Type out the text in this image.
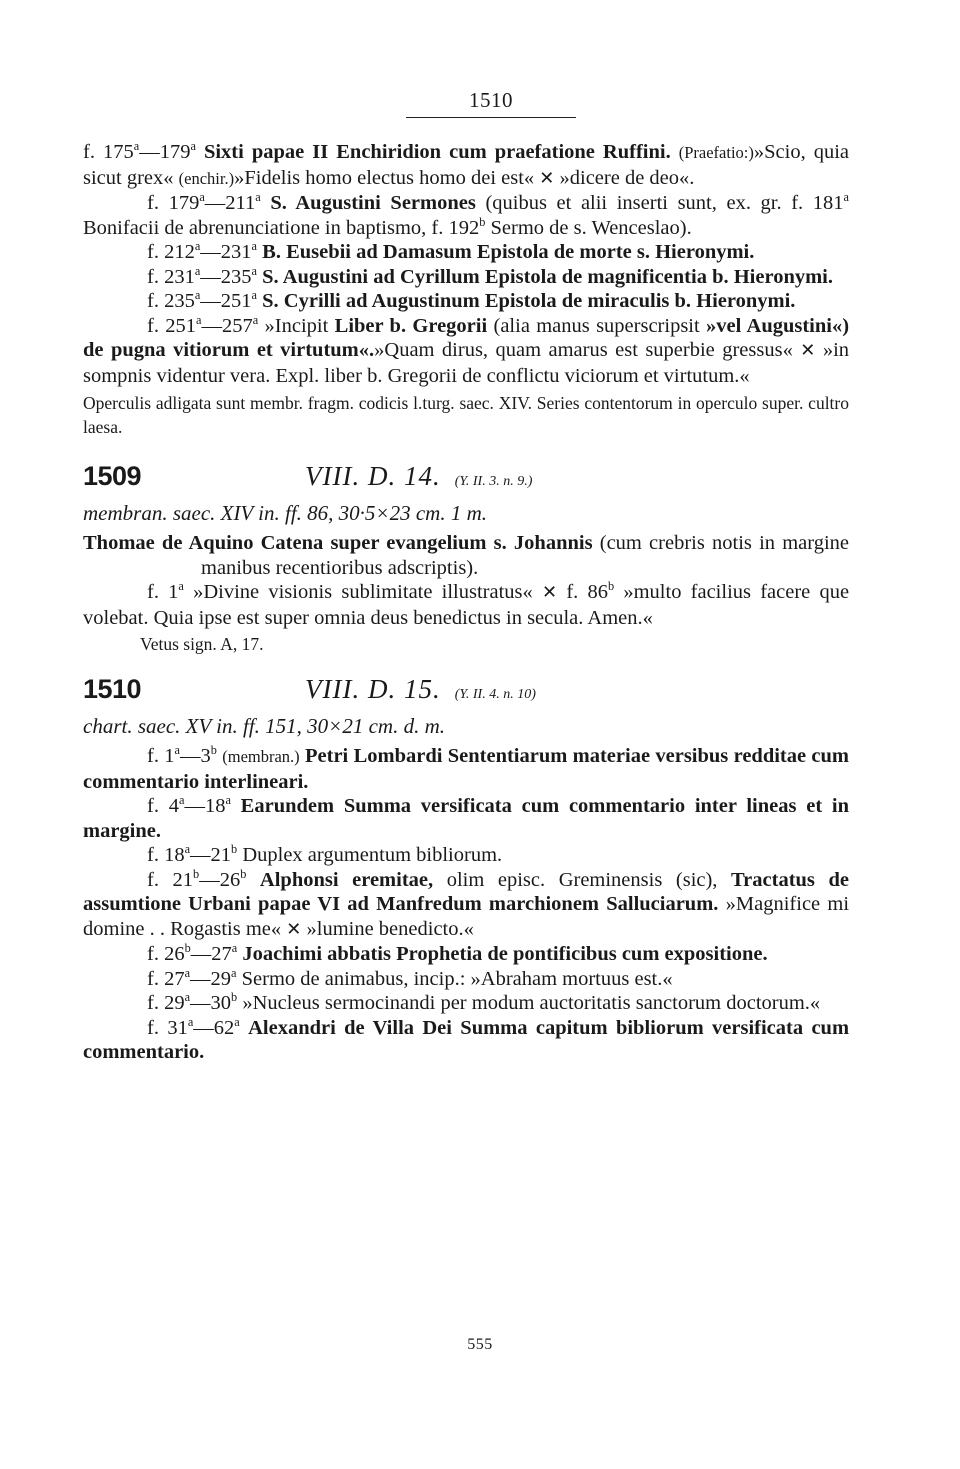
1510

f. 175$^a$—179$^a$ Sixti papae II Enchiridion cum praefatione Ruffini. (Praefatio:)»Scio, quia sicut grex« (enchir.)»Fidelis homo electus homo dei est« ✕ »dicere de deo«.

f. 179$^a$—211$^a$ S. Augustini Sermones (quibus et alii inserti sunt, ex. gr. f. 181$^a$ Bonifacii de abrenunciatione in baptismo, f. 192$^b$ Sermo de s. Wenceslao).

f. 212$^a$—231$^a$ B. Eusebii ad Damasum Epistola de morte s. Hieronymi.

f. 231$^a$—235$^a$ S. Augustini ad Cyrillum Epistola de magnificentia b. Hieronymi.

f. 235$^a$—251$^a$ S. Cyrilli ad Augustinum Epistola de miraculis b. Hieronymi.

f. 251$^a$—257$^a$ »Incipit Liber b. Gregorii (alia manus superscripsit »vel Augustini«) de pugna vitiorum et virtutum«.»Quam dirus, quam amarus est superbie gressus« ✕ »in sompnis videntur vera. Expl. liber b. Gregorii de conflictu viciorum et virtutum.«

Operculis adligata sunt membr. fragm. codicis l.turg. saec. XIV. Series contentorum in operculo super. cultro laesa.

1509	VIII. D. 14. (Y. II. 3. n. 9.)

membran. saec. XIV in. ff. 86, 30·5×23 cm. 1 m.

Thomae de Aquino Catena super evangelium s. Johannis (cum crebris notis in margine manibus recentioribus adscriptis).

f. 1$^a$ »Divine visionis sublimitate illustratus« ✕ f. 86$^b$ »multo facilius facere que volebat. Quia ipse est super omnia deus benedictus in secula. Amen.«

Vetus sign. A, 17.

1510	VIII. D. 15. (Y. II. 4. n. 10)

chart. saec. XV in. ff. 151, 30×21 cm. d. m.

f. 1$^a$—3$^b$ (membran.) Petri Lombardi Sententiarum materiae versibus redditae cum commentario interlineari.

f. 4$^a$—18$^a$ Earundem Summa versificata cum commentario inter lineas et in margine.

f. 18$^a$—21$^b$ Duplex argumentum bibliorum.

f. 21$^b$—26$^b$ Alphonsi eremitae, olim episc. Greminensis (sic), Tractatus de assumtione Urbani papae VI ad Manfredum marchionem Salluciarum. »Magnifice mi domine . . Rogastis me« ✕ »lumine benedicto.«

f. 26$^b$—27$^a$ Joachimi abbatis Prophetia de pontificibus cum expositione.

f. 27$^a$—29$^a$ Sermo de animabus, incip.: »Abraham mortuus est.«

f. 29$^a$—30$^b$ »Nucleus sermocinandi per modum auctoritatis sanctorum doctorum.«

f. 31$^a$—62$^a$ Alexandri de Villa Dei Summa capitum bibliorum versificata cum commentario.

555
